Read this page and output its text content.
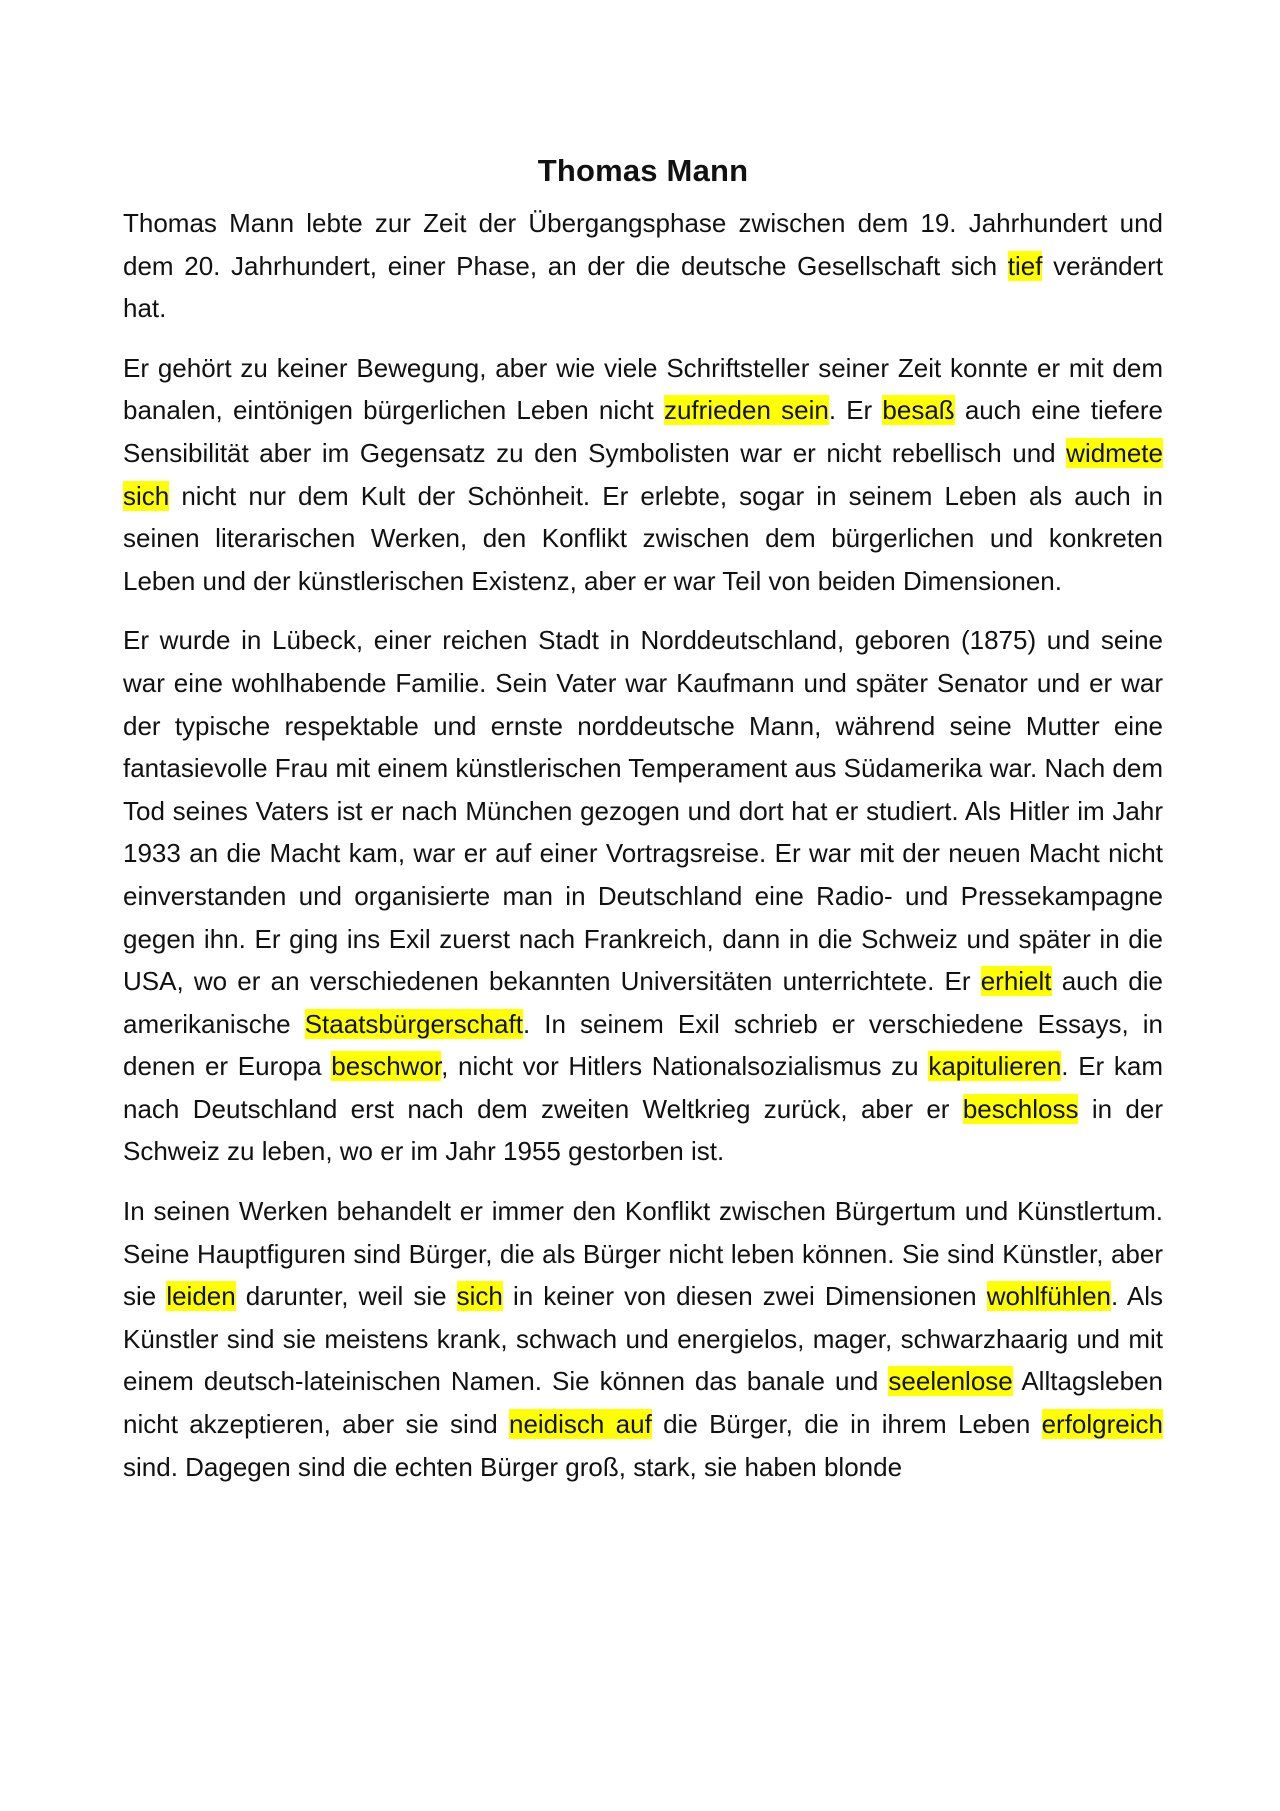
Thomas Mann

Thomas Mann lebte zur Zeit der Übergangsphase zwischen dem 19. Jahrhundert und dem 20. Jahrhundert, einer Phase, an der die deutsche Gesellschaft sich tief verändert hat.

Er gehört zu keiner Bewegung, aber wie viele Schriftsteller seiner Zeit konnte er mit dem banalen, eintönigen bürgerlichen Leben nicht zufrieden sein. Er besaß auch eine tiefere Sensibilität aber im Gegensatz zu den Symbolisten war er nicht rebellisch und widmete sich nicht nur dem Kult der Schönheit. Er erlebte, sogar in seinem Leben als auch in seinen literarischen Werken, den Konflikt zwischen dem bürgerlichen und konkreten Leben und der künstlerischen Existenz, aber er war Teil von beiden Dimensionen.

Er wurde in Lübeck, einer reichen Stadt in Norddeutschland, geboren (1875) und seine war eine wohlhabende Familie. Sein Vater war Kaufmann und später Senator und er war der typische respektable und ernste norddeutsche Mann, während seine Mutter eine fantasievolle Frau mit einem künstlerischen Temperament aus Südamerika war. Nach dem Tod seines Vaters ist er nach München gezogen und dort hat er studiert. Als Hitler im Jahr 1933 an die Macht kam, war er auf einer Vortragsreise. Er war mit der neuen Macht nicht einverstanden und organisierte man in Deutschland eine Radio- und Pressekampagne gegen ihn. Er ging ins Exil zuerst nach Frankreich, dann in die Schweiz und später in die USA, wo er an verschiedenen bekannten Universitäten unterrichtete. Er erhielt auch die amerikanische Staatsbürgerschaft. In seinem Exil schrieb er verschiedene Essays, in denen er Europa beschwor, nicht vor Hitlers Nationalsozialismus zu kapitulieren. Er kam nach Deutschland erst nach dem zweiten Weltkrieg zurück, aber er beschloss in der Schweiz zu leben, wo er im Jahr 1955 gestorben ist.

In seinen Werken behandelt er immer den Konflikt zwischen Bürgertum und Künstlertum. Seine Hauptfiguren sind Bürger, die als Bürger nicht leben können. Sie sind Künstler, aber sie leiden darunter, weil sie sich in keiner von diesen zwei Dimensionen wohlfühlen. Als Künstler sind sie meistens krank, schwach und energielos, mager, schwarzhaarig und mit einem deutsch-lateinischen Namen. Sie können das banale und seelenlose Alltagsleben nicht akzeptieren, aber sie sind neidisch auf die Bürger, die in ihrem Leben erfolgreich sind. Dagegen sind die echten Bürger groß, stark, sie haben blonde
